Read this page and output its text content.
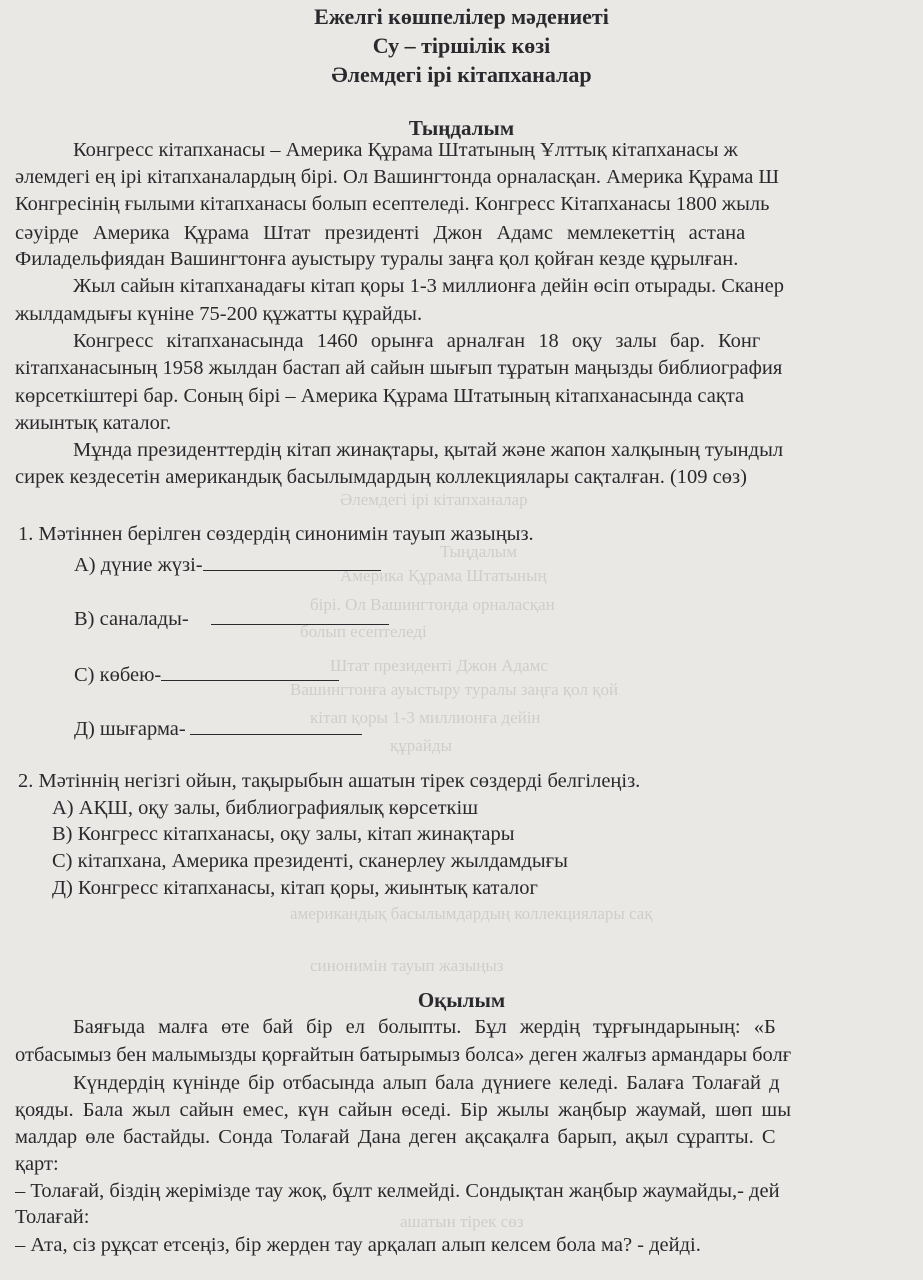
Әлемдегі ірі кітапханалар
Тыңдалым
Америка Құрама Штатының
бірі. Ол Вашингтонда орналасқан
болып есептеледі
Штат президенті Джон Адамс
Вашингтонға ауыстыру туралы заңға қол қой
кітап қоры 1-3 миллионға дейін
құрайды
американдық басылымдардың коллекциялары сақ
синонимін тауып жазыңыз
ашатын тірек сөз
Ежелгі көшпелілер мәдениеті
Су – тіршілік көзі
Әлемдегі ірі кітапханалар
Тыңдалым
Конгресс кітапханасы – Америка Құрама Штатының Ұлттық кітапханасы ж
әлемдегі ең ірі кітапханалардың бірі. Ол Вашингтонда орналасқан. Америка Құрама Ш
Конгресінің ғылыми кітапханасы болып есептеледі. Конгресс Кітапханасы 1800 жыль
сәуірде Америка Құрама Штат президенті Джон Адамс мемлекеттің астана
Филадельфиядан Вашингтонға ауыстыру туралы заңға қол қойған кезде құрылған.
Жыл сайын кітапханадағы кітап қоры 1-3 миллионға дейін өсіп отырады. Сканер
жылдамдығы күніне 75-200 құжатты құрайды.
Конгресс кітапханасында 1460 орынға арналған 18 оқу залы бар. Конг
кітапханасының 1958 жылдан бастап ай сайын шығып тұратын маңызды библиография
көрсеткіштері бар. Соның бірі – Америка Құрама Штатының кітапханасында сақта
жиынтық каталог.
Мұнда президенттердің кітап жинақтары, қытай және жапон халқының туындыл
сирек кездесетін американдық басылымдардың коллекциялары сақталған. (109 сөз)
1. Мәтіннен берілген сөздердің синонимін тауып жазыңыз.
А) дүние жүзі-
В) саналады-
С) көбею-
Д) шығарма-
2. Мәтіннің негізгі ойын, тақырыбын ашатын тірек сөздерді белгілеңіз.
А) АҚШ, оқу залы, библиографиялық көрсеткіш
В) Конгресс кітапханасы, оқу залы, кітап жинақтары
С) кітапхана, Америка президенті, сканерлеу жылдамдығы
Д) Конгресс кітапханасы, кітап қоры, жиынтық каталог
Оқылым
Баяғыда малға өте бай бір ел болыпты. Бұл жердің тұрғындарының: «Б
отбасымыз бен малымызды қорғайтын батырымыз болса» деген жалғыз армандары болғ
Күндердің күнінде бір отбасында алып бала дүниеге келеді. Балаға Толағай д
қояды. Бала жыл сайын емес, күн сайын өседі. Бір жылы жаңбыр жаумай, шөп шы
малдар өле бастайды. Сонда Толағай Дана деген ақсақалға барып, ақыл сұрапты. С
қарт:
– Толағай, біздің жерімізде тау жоқ, бұлт келмейді. Сондықтан жаңбыр жаумайды,- дей
Толағай:
– Ата, сіз рұқсат етсеңіз, бір жерден тау арқалап алып келсем бола ма? - дейді.
